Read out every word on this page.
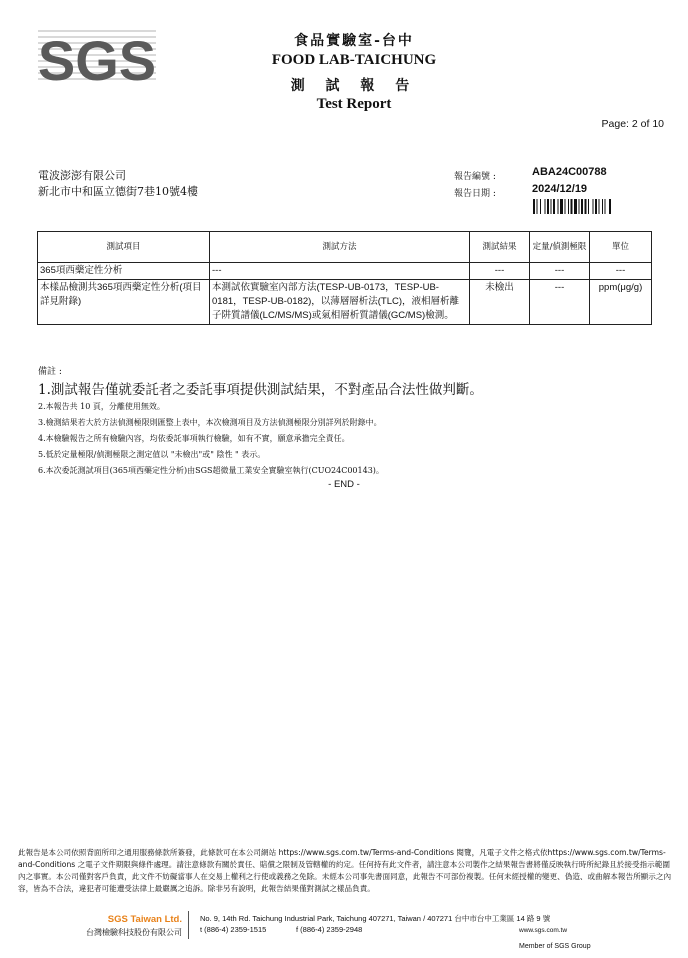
SGS	食品實驗室-台中
FOOD LAB-TAICHUNG
測 試 報 告
Test Report
Page: 2 of 10
電波澎澎有限公司
新北市中和區立德街7巷10號4樓
報告編號 :	ABA24C00788
報告日期 :	2024/12/19
測試項目	測試方法	測試結果	定量/偵測極限	單位
365項西藥定性分析	---	---	---	---
本樣品檢測共365項西藥定性分析(項目詳見附錄)	本測試依實驗室內部方法(TESP-UB-0173，TESP-UB-0181，TESP-UB-0182)，以薄層層析法(TLC)，液相層析離子阱質譜儀(LC/MS/MS)或氣相層析質譜儀(GC/MS)檢測。	未檢出	---	ppm(μg/g)
備註 :
1.測試報告僅就委託者之委託事項提供測試結果，不對產品合法性做判斷。
2.本報告共 10 頁，分離使用無效。
3.檢測結果若大於方法偵測極限則匯整上表中，本次檢測項目及方法偵測極限分別詳列於附錄中。
4.本檢驗報告之所有檢驗內容，均依委託事項執行檢驗，如有不實，願意承擔完全責任。
5.低於定量極限/偵測極限之測定值以 "未檢出"或" 陰性 " 表示。
6.本次委託測試項目(365項西藥定性分析)由SGS超微量工業安全實驗室執行(CUO24C00143)。
- END -
此報告是本公司依照背面所印之通用服務條款所簽發，此條款可在本公司網站 https://www.sgs.com.tw/Terms-and-Conditions 閱覽，凡電子文件之格式依https://www.sgs.com.tw/Terms-and-Conditions 之電子文件期限與條件處理。請注意條款有關於責任、賠償之限制及管轄權的約定。任何持有此文件者，請注意本公司製作之結果報告書將僅反映執行時所紀錄且於接受指示範圍內之事實。本公司僅對客戶負責，此文件不妨礙當事人在交易上權利之行使或義務之免除。未經本公司事先書面同意，此報告不可部份複製。任何未經授權的變更、偽造、或曲解本報告所顯示之內容，皆為不合法，違犯者可能遭受法律上最嚴厲之追訴。除非另有說明，此報告結果僅對測試之樣品負責。
SGS Taiwan Ltd.
台灣檢驗科技股份有限公司
No. 9, 14th Rd. Taichung Industrial Park, Taichung 407271, Taiwan / 407271 台中市台中工業區 14 路 9 號
t (886-4) 2359-1515	f (886-4) 2359-2948	www.sgs.com.tw
Member of SGS Group
